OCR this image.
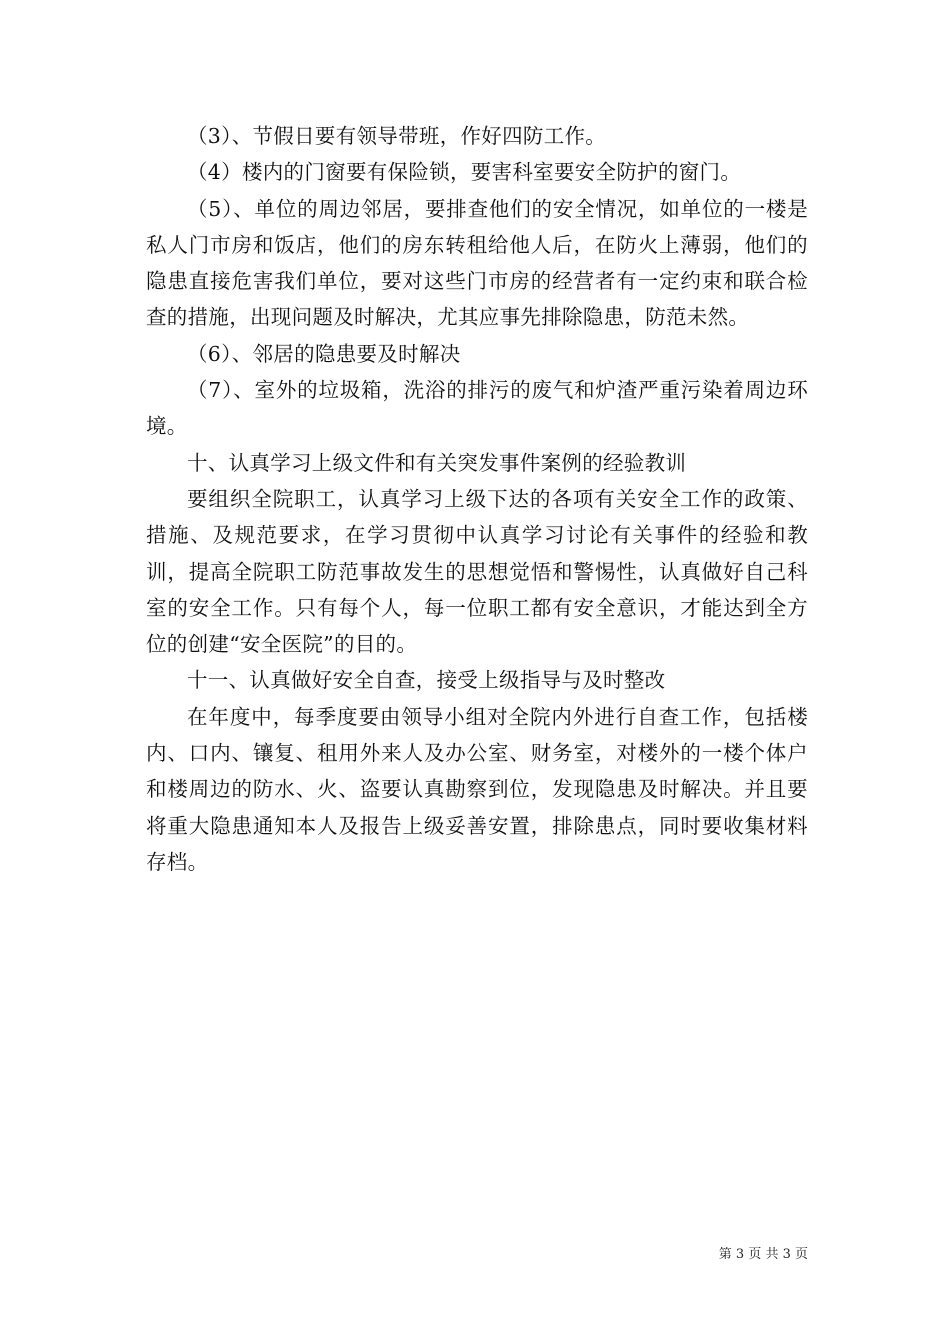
（3）、节假日要有领导带班，作好四防工作。

（4）楼内的门窗要有保险锁，要害科室要安全防护的窗门。

（5）、单位的周边邻居，要排查他们的安全情况，如单位的一楼是私人门市房和饭店，他们的房东转租给他人后，在防火上薄弱，他们的隐患直接危害我们单位，要对这些门市房的经营者有一定约束和联合检查的措施，出现问题及时解决，尤其应事先排除隐患，防范未然。

（6）、邻居的隐患要及时解决

（7）、室外的垃圾箱，洗浴的排污的废气和炉渣严重污染着周边环境。

十、认真学习上级文件和有关突发事件案例的经验教训

要组织全院职工，认真学习上级下达的各项有关安全工作的政策、措施、及规范要求，在学习贯彻中认真学习讨论有关事件的经验和教训，提高全院职工防范事故发生的思想觉悟和警惕性，认真做好自己科室的安全工作。只有每个人，每一位职工都有安全意识，才能达到全方位的创建“安全医院”的目的。

十一、认真做好安全自查，接受上级指导与及时整改

在年度中，每季度要由领导小组对全院内外进行自查工作，包括楼内、口内、镶复、租用外来人及办公室、财务室，对楼外的一楼个体户和楼周边的防水、火、盗要认真勘察到位，发现隐患及时解决。并且要将重大隐患通知本人及报告上级妥善安置，排除患点，同时要收集材料存档。

第 3 页 共 3 页
